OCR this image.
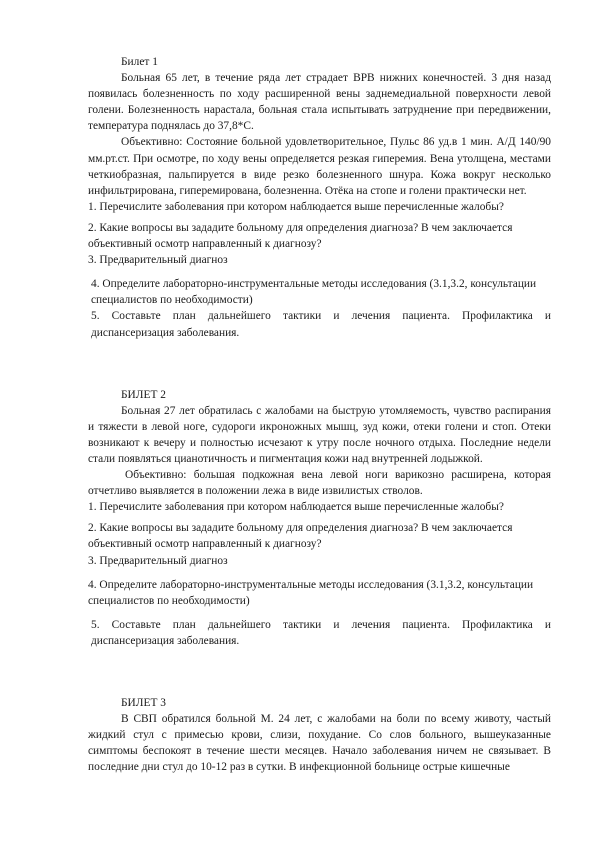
Билет 1

Больная 65 лет, в течение ряда лет страдает ВРВ нижних конечностей. 3 дня назад появилась болезненность по ходу расширенной вены заднемедиальной поверхности левой голени. Болезненность нарастала, больная стала испытывать затруднение при передвижении, температура поднялась до 37,8*С.

Объективно: Состояние больной удовлетворительное, Пульс 86 уд.в 1 мин. А/Д 140/90 мм.рт.ст. При осмотре, по ходу вены определяется резкая гиперемия. Вена утолщена, местами четкиобразная, пальпируется в виде резко болезненного шнура. Кожа вокруг несколько инфильтрирована, гиперемирована, болезненна. Отёка на стопе и голени практически нет.

1. Перечислите заболевания при котором наблюдается выше перечисленные жалобы?

2. Какие вопросы вы зададите больному для определения диагноза? В чем заключается объективный осмотр направленный к диагнозу?

3. Предварительный диагноз

4. Определите лабораторно-инструментальные методы исследования (3.1,3.2, консультации специалистов по необходимости)

5. Составьте план дальнейшего тактики и лечения пациента. Профилактика и диспансеризация заболевания.

БИЛЕТ 2

Больная 27 лет обратилась с жалобами на быструю утомляемость, чувство распирания и тяжести в левой ноге, судороги икроножных мышц, зуд кожи, отеки голени и стоп. Отеки возникают к вечеру и полностью исчезают к утру после ночного отдыха. Последние недели стали появляться цианотичность и пигментация кожи над внутренней лодыжкой.

Объективно: большая подкожная вена левой ноги варикозно расширена, которая отчетливо выявляется в положении лежа в виде извилистых стволов.

1. Перечислите заболевания при котором наблюдается выше перечисленные жалобы?

2. Какие вопросы вы зададите больному для определения диагноза? В чем заключается объективный осмотр направленный к диагнозу?

3. Предварительный диагноз

4. Определите лабораторно-инструментальные методы исследования (3.1,3.2, консультации специалистов по необходимости)

5. Составьте план дальнейшего тактики и лечения пациента. Профилактика и диспансеризация заболевания.

БИЛЕТ 3

В СВП обратился больной М. 24 лет, с жалобами на боли по всему животу, частый жидкий стул с примесью крови, слизи, похудание. Со слов больного, вышеуказанные симптомы беспокоят в течение шести месяцев. Начало заболевания ничем не связывает. В последние дни стул до 10-12 раз в сутки. В инфекционной больнице острые кишечные
